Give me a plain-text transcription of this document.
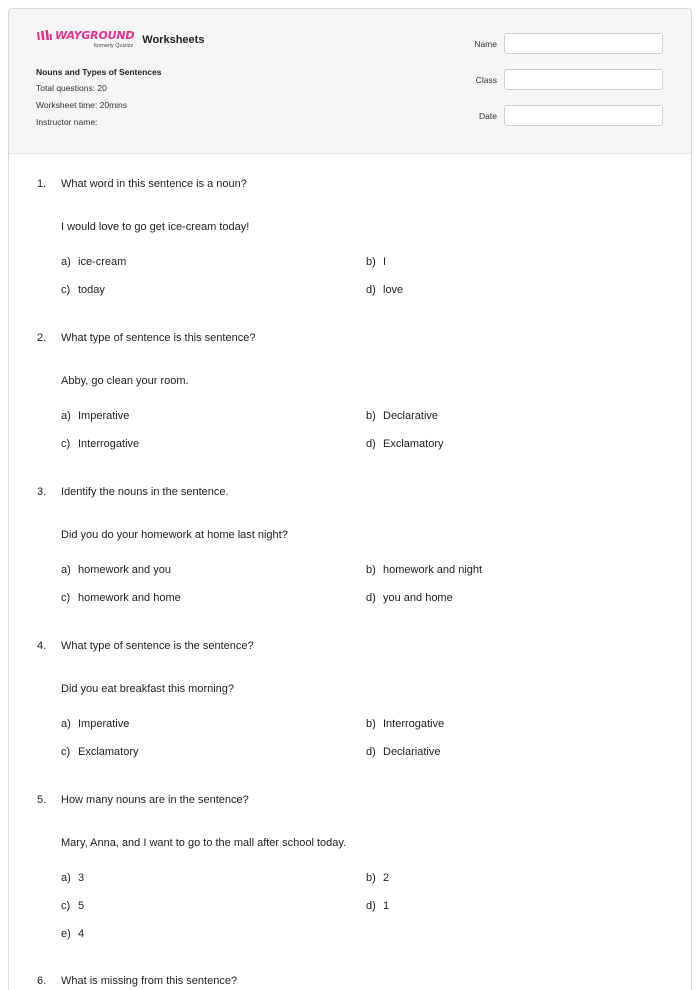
WAYGROUND
formerly Quizizz Worksheets
Nouns and Types of Sentences
Total questions: 20
Worksheet time: 20mins
Instructor name:
Name
Class
Date
1. What word in this sentence is a noun?
I would love to go get ice-cream today!
a) ice-cream	b) I
c) today	d) love
2. What type of sentence is this sentence?
Abby, go clean your room.
a) Imperative	b) Declarative
c) Interrogative	d) Exclamatory
3. Identify the nouns in the sentence.
Did you do your homework at home last night?
a) homework and you	b) homework and night
c) homework and home	d) you and home
4. What type of sentence is the sentence?
Did you eat breakfast this morning?
a) Imperative	b) Interrogative
c) Exclamatory	d) Declariative
5. How many nouns are in the sentence?
Mary, Anna, and I want to go to the mall after school today.
a) 3	b) 2
c) 5	d) 1
e) 4
6. What is missing from this sentence?
